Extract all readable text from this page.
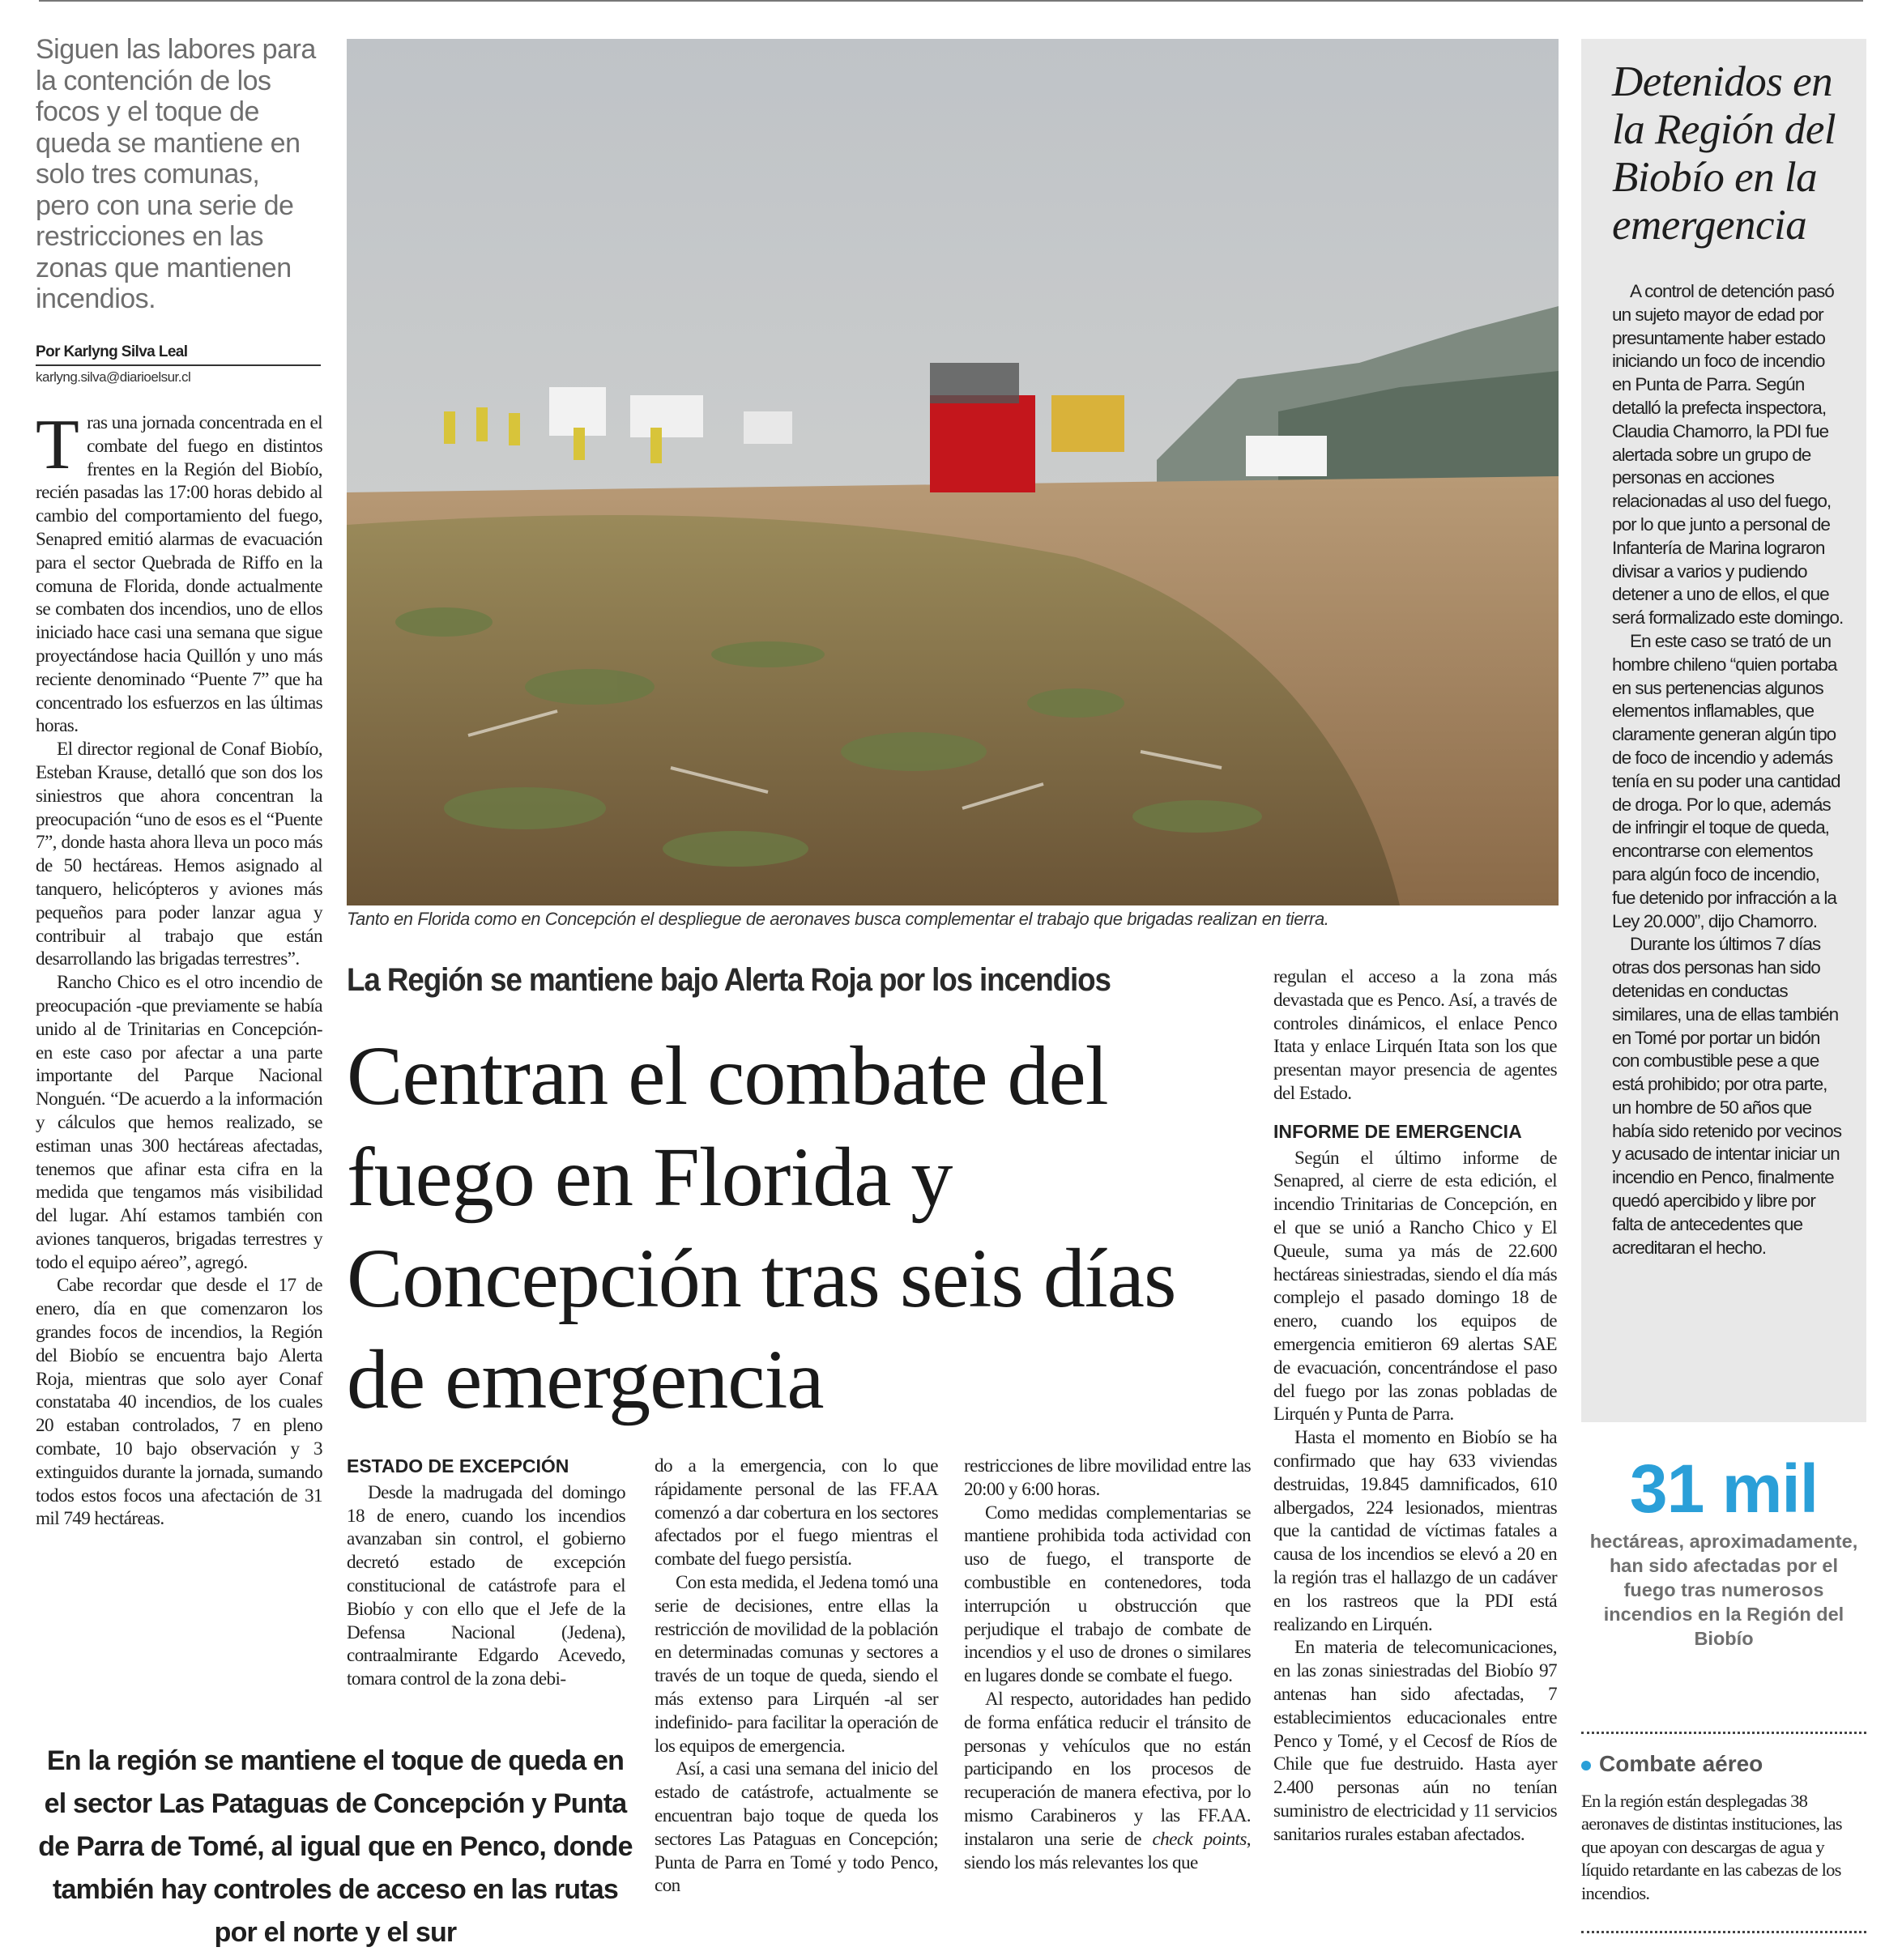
Siguen las labores para la contención de los focos y el toque de queda se mantiene en solo tres comunas, pero con una serie de restricciones en las zonas que mantienen incendios.
Por Karlyng Silva Leal
karlyng.silva@diarioelsur.cl

Tras una jornada concentrada en el combate del fuego en distintos frentes en la Región del Biobío, recién pasadas las 17:00 horas debido al cambio del comportamiento del fuego, Senapred emitió alarmas de evacuación para el sector Quebrada de Riffo en la comuna de Florida, donde actualmente se combaten dos incendios, uno de ellos iniciado hace casi una semana que sigue proyectándose hacia Quillón y uno más reciente denominado “Puente 7” que ha concentrado los esfuerzos en las últimas horas.

El director regional de Conaf Biobío, Esteban Krause, detalló que son dos los siniestros que ahora concentran la preocupación “uno de esos es el “Puente 7”, donde hasta ahora lleva un poco más de 50 hectáreas. Hemos asignado al tanquero, helicópteros y aviones más pequeños para poder lanzar agua y contribuir al trabajo que están desarrollando las brigadas terrestres”.

Rancho Chico es el otro incendio de preocupación -que previamente se había unido al de Trinitarias en Concepción- en este caso por afectar a una parte importante del Parque Nacional Nonguén. “De acuerdo a la información y cálculos que hemos realizado, se estiman unas 300 hectáreas afectadas, tenemos que afinar esta cifra en la medida que tengamos más visibilidad del lugar. Ahí estamos también con aviones tanqueros, brigadas terrestres y todo el equipo aéreo”, agregó.

Cabe recordar que desde el 17 de enero, día en que comenzaron los grandes focos de incendios, la Región del Biobío se encuentra bajo Alerta Roja, mientras que solo ayer Conaf constataba 40 incendios, de los cuales 20 estaban controlados, 7 en pleno combate, 10 bajo observación y 3 extinguidos durante la jornada, sumando todos estos focos una afectación de 31 mil 749 hectáreas.

Tanto en Florida como en Concepción el despliegue de aeronaves busca complementar el trabajo que brigadas realizan en tierra.
La Región se mantiene bajo Alerta Roja por los incendios
Centran el combate del fuego en Florida y Concepción tras seis días de emergencia
ESTADO DE EXCEPCIÓN

Desde la madrugada del domingo 18 de enero, cuando los incendios avanzaban sin control, el gobierno decretó estado de excepción constitucional de catástrofe para el Biobío y con ello que el Jefe de la Defensa Nacional (Jedena), contraalmirante Edgardo Acevedo, tomara control de la zona debi-

do a la emergencia, con lo que rápidamente personal de las FF.AA comenzó a dar cobertura en los sectores afectados por el fuego mientras el combate del fuego persistía.

Con esta medida, el Jedena tomó una serie de decisiones, entre ellas la restricción de movilidad de la población en determinadas comunas y sectores a través de un toque de queda, siendo el más extenso para Lirquén -al ser indefinido- para facilitar la operación de los equipos de emergencia.

Así, a casi una semana del inicio del estado de catástrofe, actualmente se encuentran bajo toque de queda los sectores Las Pataguas en Concepción; Punta de Parra en Tomé y todo Penco, con

restricciones de libre movilidad entre las 20:00 y 6:00 horas.

Como medidas complementarias se mantiene prohibida toda actividad con uso de fuego, el transporte de combustible en contenedores, toda interrupción u obstrucción que perjudique el trabajo de combate de incendios y el uso de drones o similares en lugares donde se combate el fuego.

Al respecto, autoridades han pedido de forma enfática reducir el tránsito de personas y vehículos que no están participando en los procesos de recuperación de manera efectiva, por lo mismo Carabineros y las FF.AA. instalaron una serie de check points, siendo los más relevantes los que

regulan el acceso a la zona más devastada que es Penco. Así, a través de controles dinámicos, el enlace Penco Itata y enlace Lirquén Itata son los que presentan mayor presencia de agentes del Estado.

INFORME DE EMERGENCIA

Según el último informe de Senapred, al cierre de esta edición, el incendio Trinitarias de Concepción, en el que se unió a Rancho Chico y El Queule, suma ya más de 22.600 hectáreas siniestradas, siendo el día más complejo el pasado domingo 18 de enero, cuando los equipos de emergencia emitieron 69 alertas SAE de evacuación, concentrándose el paso del fuego por las zonas pobladas de Lirquén y Punta de Parra.

Hasta el momento en Biobío se ha confirmado que hay 633 viviendas destruidas, 19.845 damnificados, 610 albergados, 224 lesionados, mientras que la cantidad de víctimas fatales a causa de los incendios se elevó a 20 en la región tras el hallazgo de un cadáver en los rastreos que la PDI está realizando en Lirquén.

En materia de telecomunicaciones, en las zonas siniestradas del Biobío 97 antenas han sido afectadas, 7 establecimientos educacionales entre Penco y Tomé, y el Cecosf de Ríos de Chile que fue destruido. Hasta ayer 2.400 personas aún no tenían suministro de electricidad y 11 servicios sanitarios rurales estaban afectados.

En la región se mantiene el toque de queda en el sector Las Pataguas de Concepción y Punta de Parra de Tomé, al igual que en Penco, donde también hay controles de acceso en las rutas por el norte y el sur
Detenidos en la Región del Biobío en la emergencia

A control de detención pasó un sujeto mayor de edad por presuntamente haber estado iniciando un foco de incendio en Punta de Parra. Según detalló la prefecta inspectora, Claudia Chamorro, la PDI fue alertada sobre un grupo de personas en acciones relacionadas al uso del fuego, por lo que junto a personal de Infantería de Marina lograron divisar a varios y pudiendo detener a uno de ellos, el que será formalizado este domingo.

En este caso se trató de un hombre chileno “quien portaba en sus pertenencias algunos elementos inflamables, que claramente generan algún tipo de foco de incendio y además tenía en su poder una cantidad de droga. Por lo que, además de infringir el toque de queda, encontrarse con elementos para algún foco de incendio, fue detenido por infracción a la Ley 20.000”, dijo Chamorro.

Durante los últimos 7 días otras dos personas han sido detenidas en conductas similares, una de ellas también en Tomé por portar un bidón con combustible pese a que está prohibido; por otra parte, un hombre de 50 años que había sido retenido por vecinos y acusado de intentar iniciar un incendio en Penco, finalmente quedó apercibido y libre por falta de antecedentes que acreditaran el hecho.

31 mil
hectáreas, aproximadamente, han sido afectadas por el fuego tras numerosos incendios en la Región del Biobío
Combate aéreo
En la región están desplegadas 38 aeronaves de distintas instituciones, las que apoyan con descargas de agua y líquido retardante en las cabezas de los incendios.
